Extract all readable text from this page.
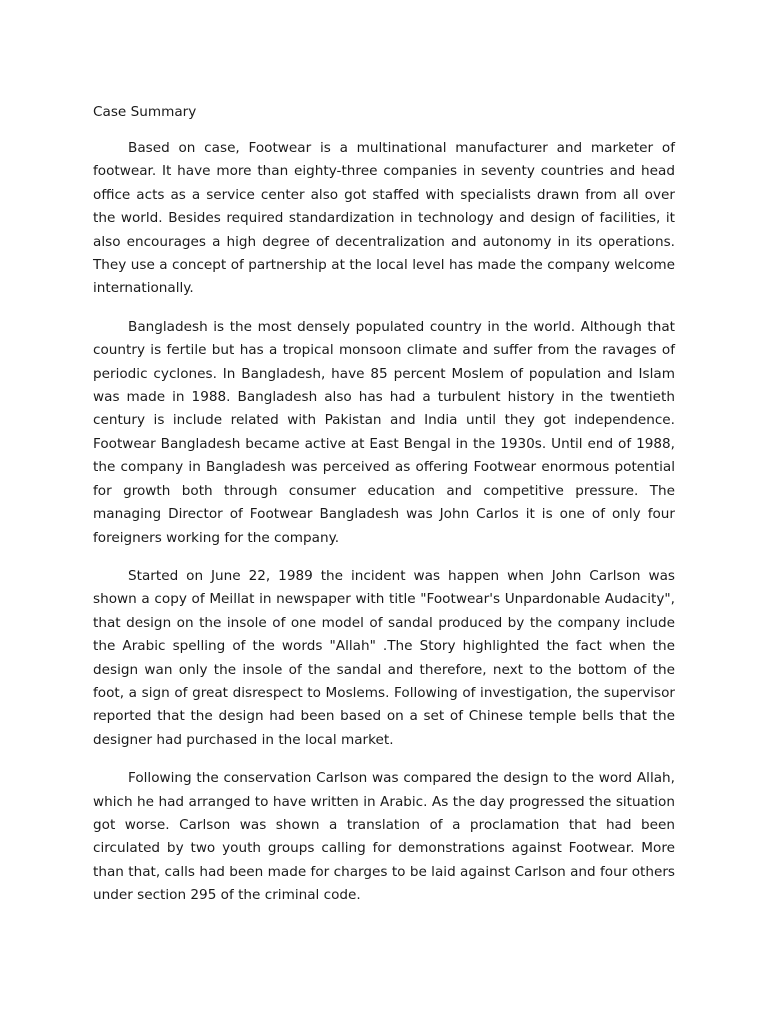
Case Summary

Based on case, Footwear is a multinational manufacturer and marketer of footwear. It have more than eighty-three companies in seventy countries and head office acts as a service center also got staffed with specialists drawn from all over the world. Besides required standardization in technology and design of facilities, it also encourages a high degree of decentralization and autonomy in its operations. They use a concept of partnership at the local level has made the company welcome internationally.

Bangladesh is the most densely populated country in the world. Although that country is fertile but has a tropical monsoon climate and suffer from the ravages of periodic cyclones. In Bangladesh, have 85 percent Moslem of population and Islam was made in 1988. Bangladesh also has had a turbulent history in the twentieth century is include related with Pakistan and India until they got independence. Footwear Bangladesh became active at East Bengal in the 1930s. Until end of 1988, the company in Bangladesh was perceived as offering Footwear enormous potential for growth both through consumer education and competitive pressure. The managing Director of Footwear Bangladesh was John Carlos it is one of only four foreigners working for the company.

Started on June 22, 1989 the incident was happen when John Carlson was shown a copy of Meillat in newspaper with title "Footwear's Unpardonable Audacity", that design on the insole of one model of sandal produced by the company include the Arabic spelling of the words "Allah" .The Story highlighted the fact when the design wan only the insole of the sandal and therefore, next to the bottom of the foot, a sign of great disrespect to Moslems. Following of investigation, the supervisor reported that the design had been based on a set of Chinese temple bells that the designer had purchased in the local market.

Following the conservation Carlson was compared the design to the word Allah, which he had arranged to have written in Arabic. As the day progressed the situation got worse. Carlson was shown a translation of a proclamation that had been circulated by two youth groups calling for demonstrations against Footwear. More than that, calls had been made for charges to be laid against Carlson and four others under section 295 of the criminal code.
